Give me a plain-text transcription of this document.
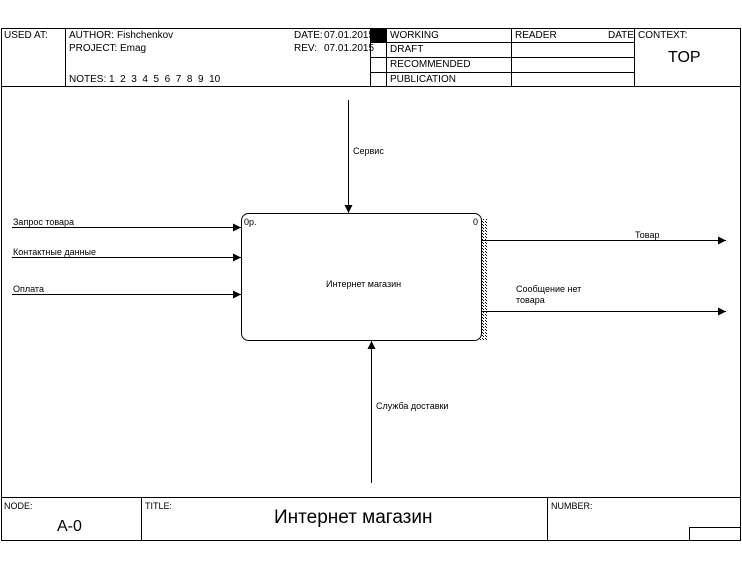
USED AT: AUTHOR: Fishchenkov
PROJECT: Emag
NOTES: 1  2  3  4  5  6  7  8  9  10
DATE: 07.01.2015
REV: 07.01.2015
WORKING
DRAFT
RECOMMENDED
PUBLICATION
READER	DATE CONTEXT:
TOP
Сервис
0р.	0
Интернет магазин
Запрос товара
Контактные данные
Оплата
Товар
Сообщение нет
товара
Служба доставки
NODE:
A-0
TITLE:
Интернет магазин
NUMBER:
